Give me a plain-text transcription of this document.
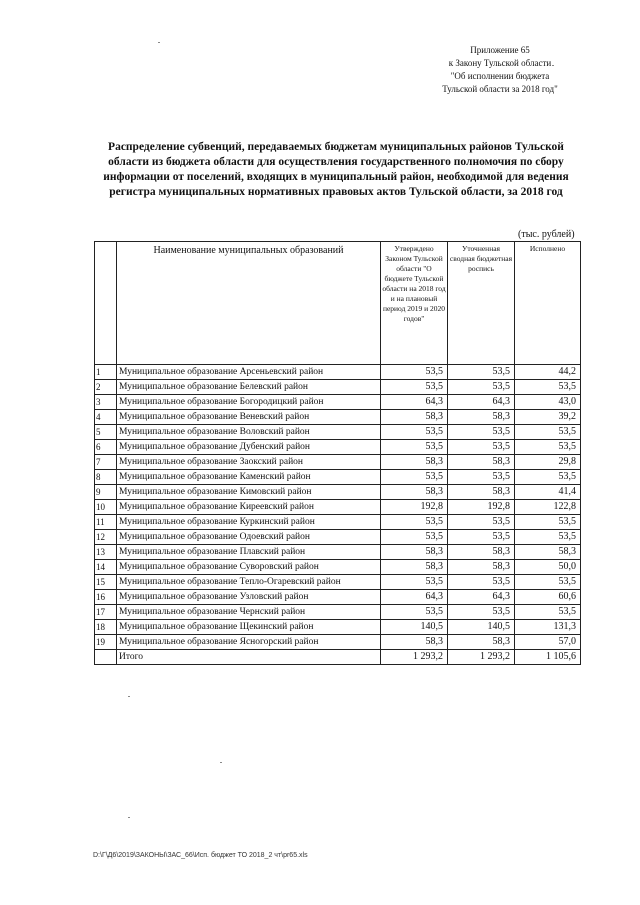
Приложение 65
к Закону Тульской области
"Об исполнении бюджета
Тульской области за 2018 год"
Распределение субвенций, передаваемых бюджетам муниципальных районов Тульской области из бюджета области для осуществления государственного полномочия по сбору информации от поселений, входящих в муниципальный район, необходимой для ведения регистра муниципальных нормативных правовых актов Тульской области, за 2018 год
(тыс. рублей)
	Наименование муниципальных образований	Утверждено Законом Тульской области "О бюджете Тульской области на 2018 год и на плановый период 2019 и 2020 годов"	Уточненная сводная бюджетная роспись	Исполнено
1	Муниципальное образование Арсеньевский район	53,5	53,5	44,2
2	Муниципальное образование Белевский район	53,5	53,5	53,5
3	Муниципальное образование Богородицкий район	64,3	64,3	43,0
4	Муниципальное образование Веневский район	58,3	58,3	39,2
5	Муниципальное образование Воловский район	53,5	53,5	53,5
6	Муниципальное образование Дубенский район	53,5	53,5	53,5
7	Муниципальное образование Заокский район	58,3	58,3	29,8
8	Муниципальное образование Каменский район	53,5	53,5	53,5
9	Муниципальное образование Кимовский район	58,3	58,3	41,4
10	Муниципальное образование Киреевский район	192,8	192,8	122,8
11	Муниципальное образование Куркинский район	53,5	53,5	53,5
12	Муниципальное образование Одоевский район	53,5	53,5	53,5
13	Муниципальное образование Плавский район	58,3	58,3	58,3
14	Муниципальное образование Суворовский район	58,3	58,3	50,0
15	Муниципальное образование Тепло-Огаревский район	53,5	53,5	53,5
16	Муниципальное образование Узловский район	64,3	64,3	60,6
17	Муниципальное образование Чернский район	53,5	53,5	53,5
18	Муниципальное образование Щекинский район	140,5	140,5	131,3
19	Муниципальное образование Ясногорский район	58,3	58,3	57,0
	Итого	1 293,2	1 293,2	1 105,6
D:\Г\Д6\2019\ЗАКОНЫ\ЗАС_66\Исп. бюджет ТО 2018_2 чт\pr65.xls
